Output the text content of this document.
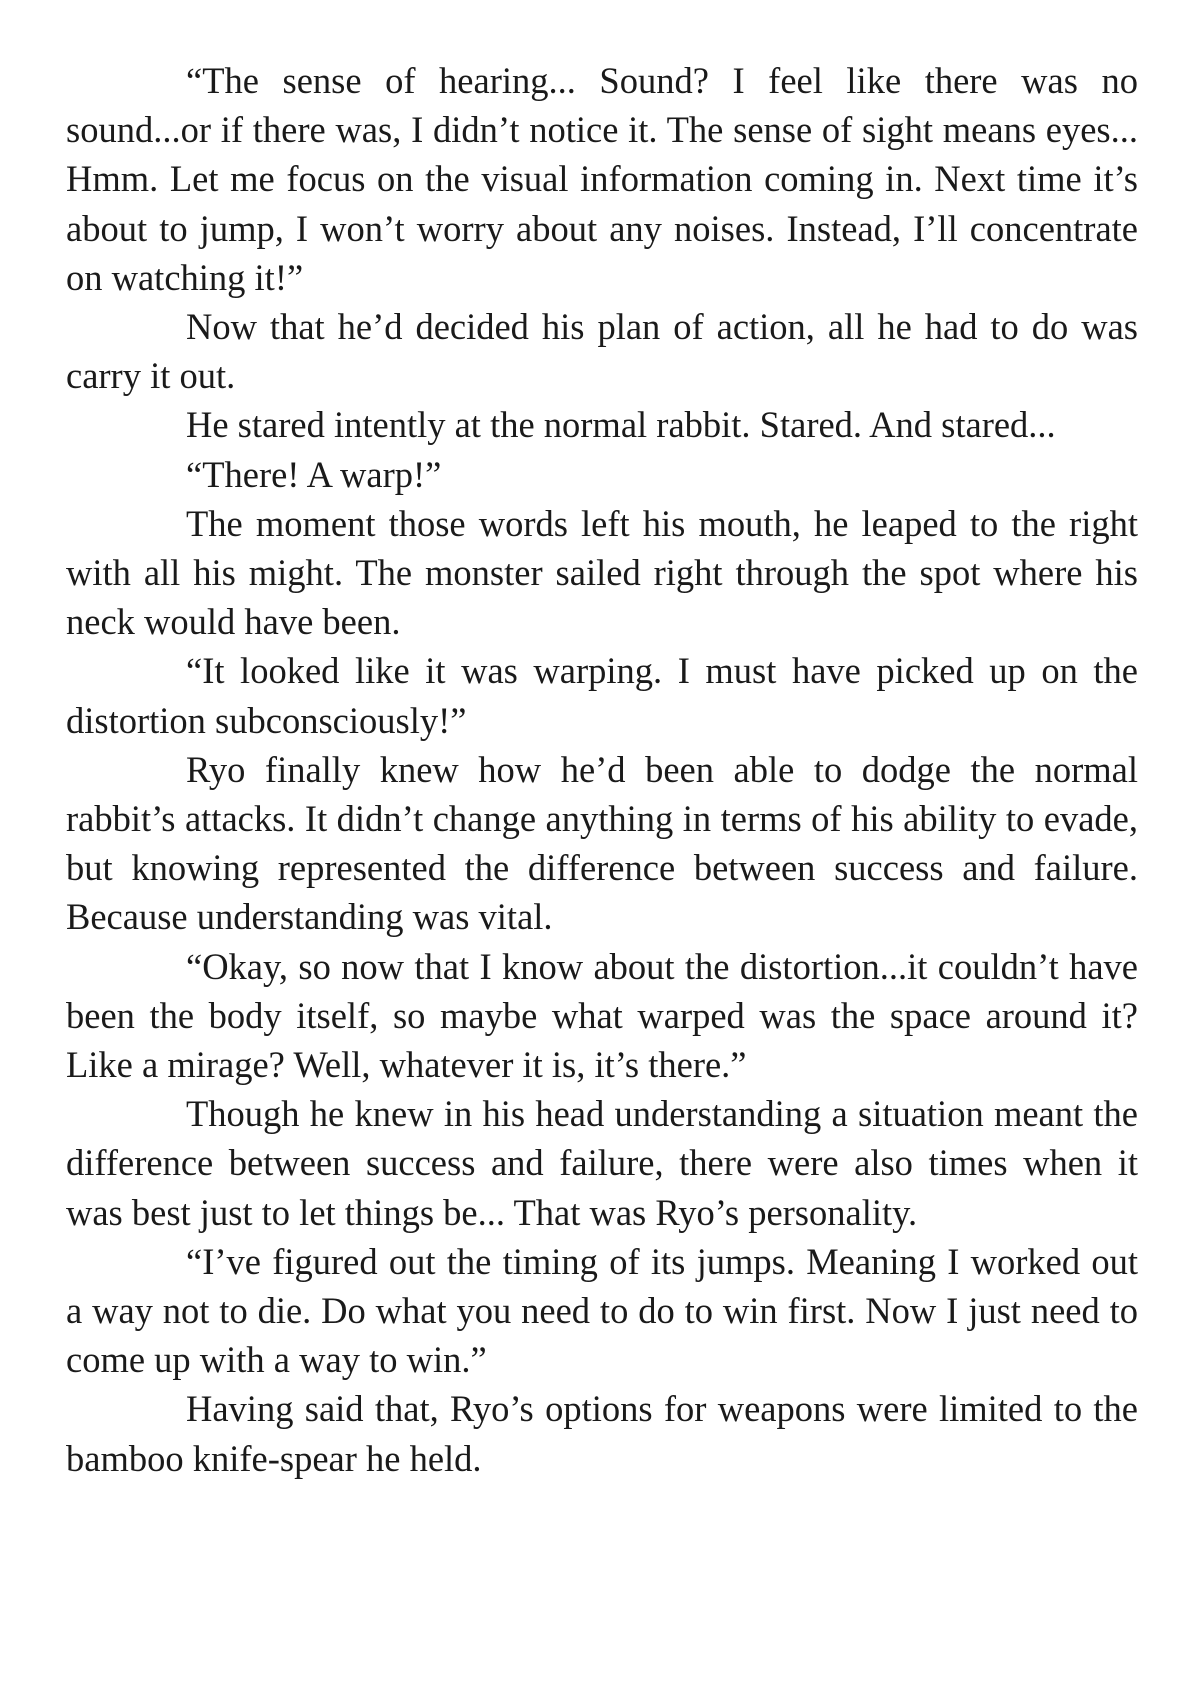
“The sense of hearing... Sound? I feel like there was no sound...or if there was, I didn’t notice it. The sense of sight means eyes... Hmm. Let me focus on the visual information coming in. Next time it’s about to jump, I won’t worry about any noises. Instead, I’ll concentrate on watching it!”

Now that he’d decided his plan of action, all he had to do was carry it out.

He stared intently at the normal rabbit. Stared. And stared...

“There! A warp!”

The moment those words left his mouth, he leaped to the right with all his might. The monster sailed right through the spot where his neck would have been.

“It looked like it was warping. I must have picked up on the distortion subconsciously!”

Ryo finally knew how he’d been able to dodge the normal rabbit’s attacks. It didn’t change anything in terms of his ability to evade, but knowing represented the difference between success and failure. Because understanding was vital.

“Okay, so now that I know about the distortion...it couldn’t have been the body itself, so maybe what warped was the space around it? Like a mirage? Well, whatever it is, it’s there.”

Though he knew in his head understanding a situation meant the difference between success and failure, there were also times when it was best just to let things be... That was Ryo’s personality.

“I’ve figured out the timing of its jumps. Meaning I worked out a way not to die. Do what you need to do to win first. Now I just need to come up with a way to win.”

Having said that, Ryo’s options for weapons were limited to the bamboo knife-spear he held.
